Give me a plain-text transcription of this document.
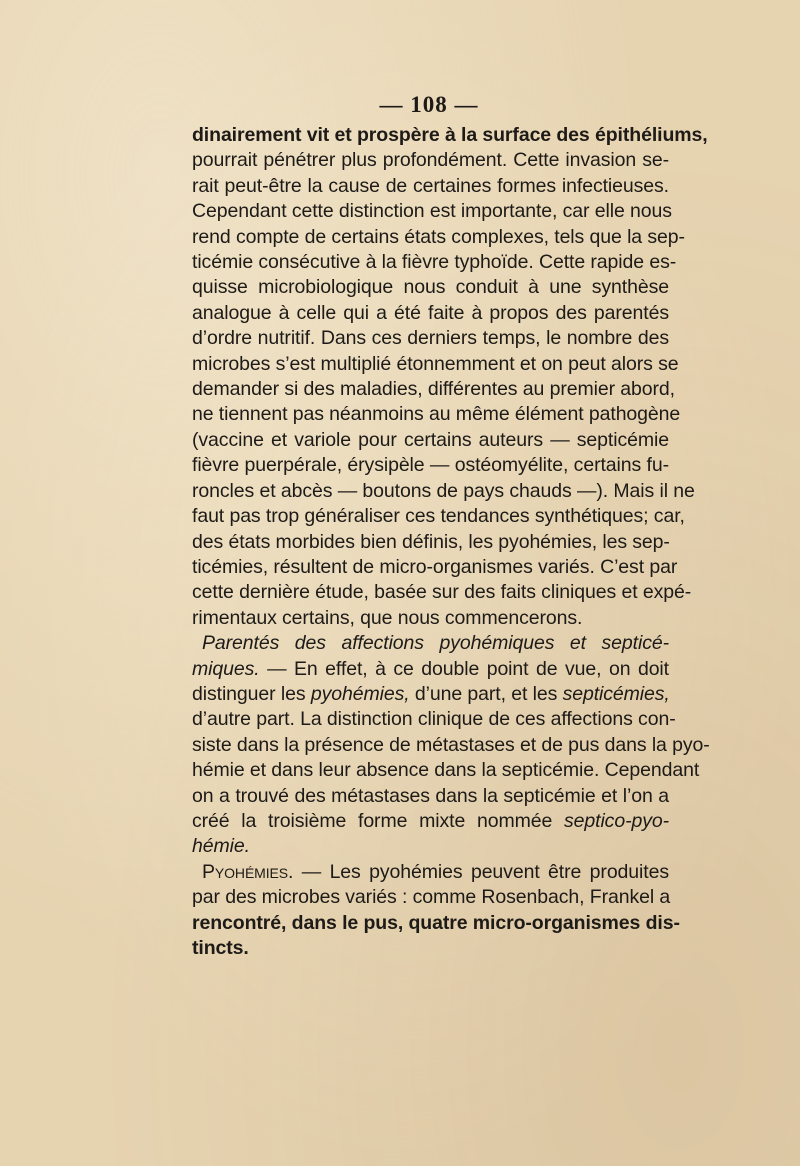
— 108 —
dinairement vit et prospère à la surface des épithéliums,
pourrait pénétrer plus profondément. Cette invasion se-
rait peut-être la cause de certaines formes infectieuses.
Cependant cette distinction est importante, car elle nous
rend compte de certains états complexes, tels que la sep-
ticémie consécutive à la fièvre typhoïde. Cette rapide es-
quisse microbiologique nous conduit à une synthèse
analogue à celle qui a été faite à propos des parentés
d’ordre nutritif. Dans ces derniers temps, le nombre des
microbes s’est multiplié étonnemment et on peut alors se
demander si des maladies, différentes au premier abord,
ne tiennent pas néanmoins au même élément pathogène
(vaccine et variole pour certains auteurs — septicémie
fièvre puerpérale, érysipèle — ostéomyélite, certains fu-
roncles et abcès — boutons de pays chauds —). Mais il ne
faut pas trop généraliser ces tendances synthétiques; car,
des états morbides bien définis, les pyohémies, les sep-
ticémies, résultent de micro-organismes variés. C’est par
cette dernière étude, basée sur des faits cliniques et expé-
rimentaux certains, que nous commencerons.
Parentés des affections pyohémiques et septicé-
miques. — En effet, à ce double point de vue, on doit
distinguer les pyohémies, d’une part, et les septicémies,
d’autre part. La distinction clinique de ces affections con-
siste dans la présence de métastases et de pus dans la pyo-
hémie et dans leur absence dans la septicémie. Cependant
on a trouvé des métastases dans la septicémie et l’on a
créé la troisième forme mixte nommée septico-pyo-
hémie.
Pyohémies. — Les pyohémies peuvent être produites
par des microbes variés : comme Rosenbach, Frankel a
rencontré, dans le pus, quatre micro-organismes dis-
tincts.
